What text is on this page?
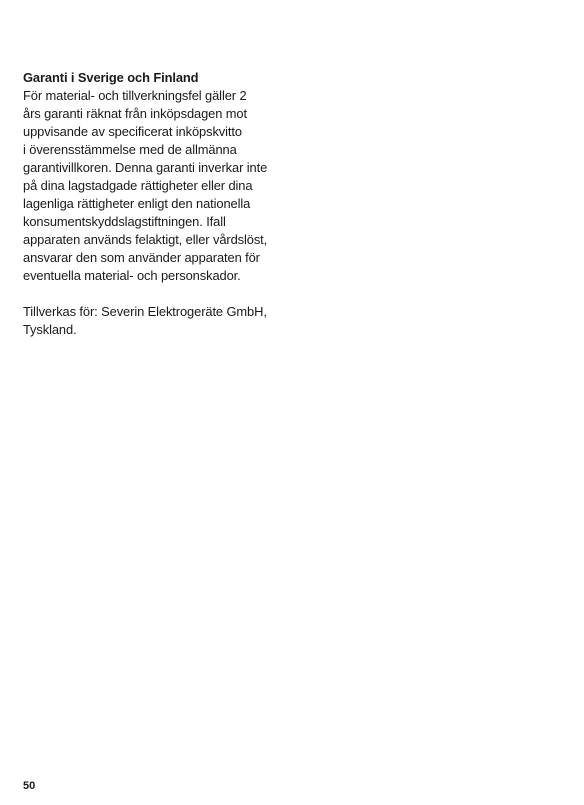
Garanti i Sverige och Finland

För material- och tillverkningsfel gäller 2
års garanti räknat från inköpsdagen mot
uppvisande av specificerat inköpskvitto
i överensstämmelse med de allmänna
garantivillkoren. Denna garanti inverkar inte
på dina lagstadgade rättigheter eller dina
lagenliga rättigheter enligt den nationella
konsumentskyddslagstiftningen. Ifall
apparaten används felaktigt, eller vårdslöst,
ansvarar den som använder apparaten för
eventuella material- och personskador.

Tillverkas för: Severin Elektrogeräte GmbH,
Tyskland.

50
